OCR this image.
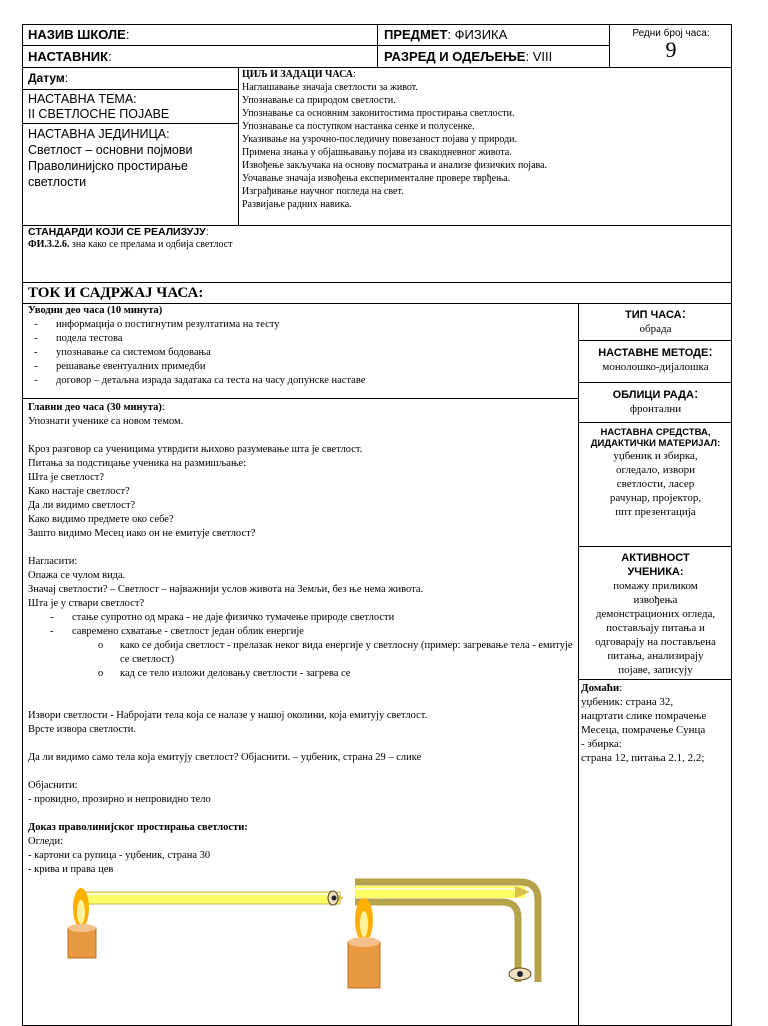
НАЗИВ ШКОЛЕ:	ПРЕДМЕТ: ФИЗИКА	Редни број часа:
9
НАСТАВНИК:	РАЗРЕД И ОДЕЉЕЊЕ: VIII
Датум:
НАСТАВНА ТЕМА:
II СВЕТЛОСНЕ ПОЈАВЕ
НАСТАВНА ЈЕДИНИЦА:
Светлост – основни појмови
Праволинијско простирање
светлости
ЦИЉ И ЗАДАЦИ ЧАСА:
Наглашавање значаја светлости за живот.
Упознавање са природом светлости.
Упознавање са основним законитостима простирања светлости.
Упознавање са поступком настанка сенке и полусенке.
Указивање на узрочно-последичну повезаност појава у природи.
Примена знања у објашњавању појава из свакодневног живота.
Извођење закључака на основу посматрања и анализе физичких појава.
Уочавање значаја извођења експерименталне провере тврђења.
Изграђивање научног погледа на свет.
Развијање радних навика.
СТАНДАРДИ КОЈИ СЕ РЕАЛИЗУЈУ:
ФИ.3.2.6. зна како се прелама и одбија светлост
ТОК И САДРЖАЈ ЧАСА:
Уводни део часа (10 минута)
- информација о постигнутим резултатима на тесту
- подела тестова
- упознавање са системом бодовања
- решавање евентуалних примедби
- договор – детаљна израда задатака са теста на часу допунске наставе
Главни део часа (30 минута):
Упознати ученике са новом темом.
Кроз разговор са ученицима утврдити њихово разумевање шта је светлост.
Питања за подстицање ученика на размишљање:
Шта је светлост?
Како настаје светлост?
Да ли видимо светлост?
Како видимо предмете око себе?
Зашто видимо Месец иако он не емитује светлост?
Нагласити:
Опажа се чулом вида.
Значај светлости? – Светлост – најважнији услов живота на Земљи, без ње нема живота.
Шта је у ствари светлост?
- стање супротно од мрака - не даје физичко тумачење природе светлости
- савремено схватање - светлост један облик енергије
o како се добија светлост - прелазак неког вида енергије у светлосну (пример: загревање тела - емитује се светлост)
o кад се тело изложи деловању светлости - загрева се
Извори светлости - Набројати тела која се налазе у нашој околини, која емитују светлост.
Врсте извора светлости.
Да ли видимо само тела која емитују светлост? Објаснити. – уџбеник, страна 29 – слике
Објаснити:
- провидно, прозирно и непровидно тело
Доказ праволинијског простирања светлости:
Огледи:
- картони са рупица - уџбеник, страна 30
- крива и права цев
ТИП ЧАСА:
обрада
НАСТАВНЕ МЕТОДЕ:
монолошко-дијалошка
ОБЛИЦИ РАДА:
фронтални
НАСТАВНА СРЕДСТВА, ДИДАКТИЧКИ МАТЕРИЈАЛ:
уџбеник и збирка,
огледало, извори
светлости, ласер
рачунар, пројектор,
ппт презентација
АКТИВНОСТ УЧЕНИКА:
помажу приликом
извођења
демонстрационих огледа,
постављају питања и
одговарају на постављена
питања, анализирају
појаве, записују
Домаћи:
уџбеник: страна 32,
нацртати слике помрачење
Месеца, помрачење Сунца
- збирка:
страна 12, питања 2.1, 2.2;
